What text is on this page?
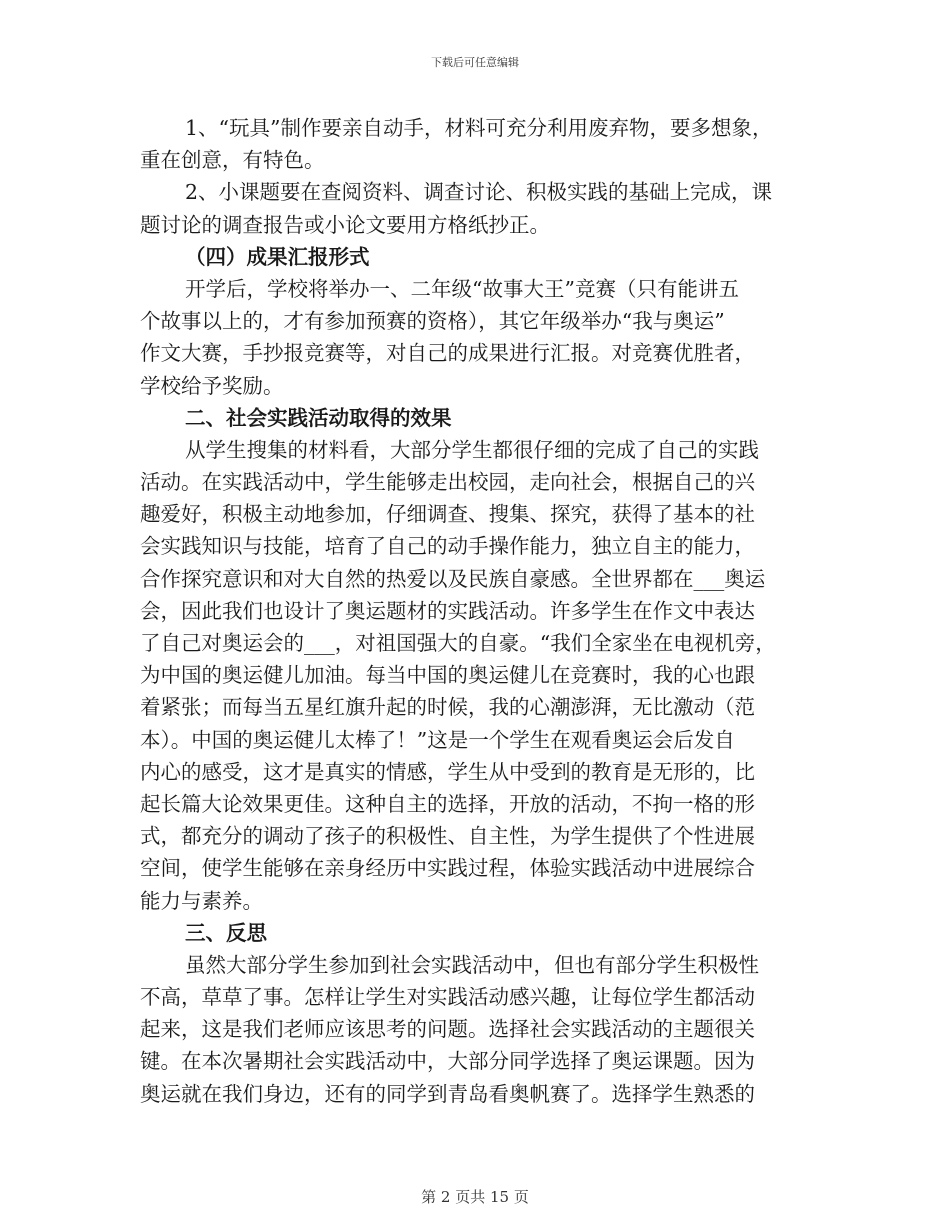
下载后可任意编辑
1、“玩具”制作要亲自动手，材料可充分利用废弃物，要多想象，
重在创意，有特色。
2、小课题要在查阅资料、调查讨论、积极实践的基础上完成，课
题讨论的调查报告或小论文要用方格纸抄正。
（四）成果汇报形式
开学后，学校将举办一、二年级“故事大王”竞赛（只有能讲五
个故事以上的，才有参加预赛的资格），其它年级举办“我与奥运”
作文大赛，手抄报竞赛等，对自己的成果进行汇报。对竞赛优胜者，
学校给予奖励。
二、社会实践活动取得的效果
从学生搜集的材料看，大部分学生都很仔细的完成了自己的实践
活动。在实践活动中，学生能够走出校园，走向社会，根据自己的兴
趣爱好，积极主动地参加，仔细调查、搜集、探究，获得了基本的社
会实践知识与技能，培育了自己的动手操作能力，独立自主的能力，
合作探究意识和对大自然的热爱以及民族自豪感。全世界都在___奥运
会，因此我们也设计了奥运题材的实践活动。许多学生在作文中表达
了自己对奥运会的___，对祖国强大的自豪。“我们全家坐在电视机旁，
为中国的奥运健儿加油。每当中国的奥运健儿在竞赛时，我的心也跟
着紧张；而每当五星红旗升起的时候，我的心潮澎湃，无比激动（范
本）。中国的奥运健儿太棒了！”这是一个学生在观看奥运会后发自
内心的感受，这才是真实的情感，学生从中受到的教育是无形的，比
起长篇大论效果更佳。这种自主的选择，开放的活动，不拘一格的形
式，都充分的调动了孩子的积极性、自主性，为学生提供了个性进展
空间，使学生能够在亲身经历中实践过程，体验实践活动中进展综合
能力与素养。
三、反思
虽然大部分学生参加到社会实践活动中，但也有部分学生积极性
不高，草草了事。怎样让学生对实践活动感兴趣，让每位学生都活动
起来，这是我们老师应该思考的问题。选择社会实践活动的主题很关
键。在本次暑期社会实践活动中，大部分同学选择了奥运课题。因为
奥运就在我们身边，还有的同学到青岛看奥帆赛了。选择学生熟悉的
第 2 页共 15 页
